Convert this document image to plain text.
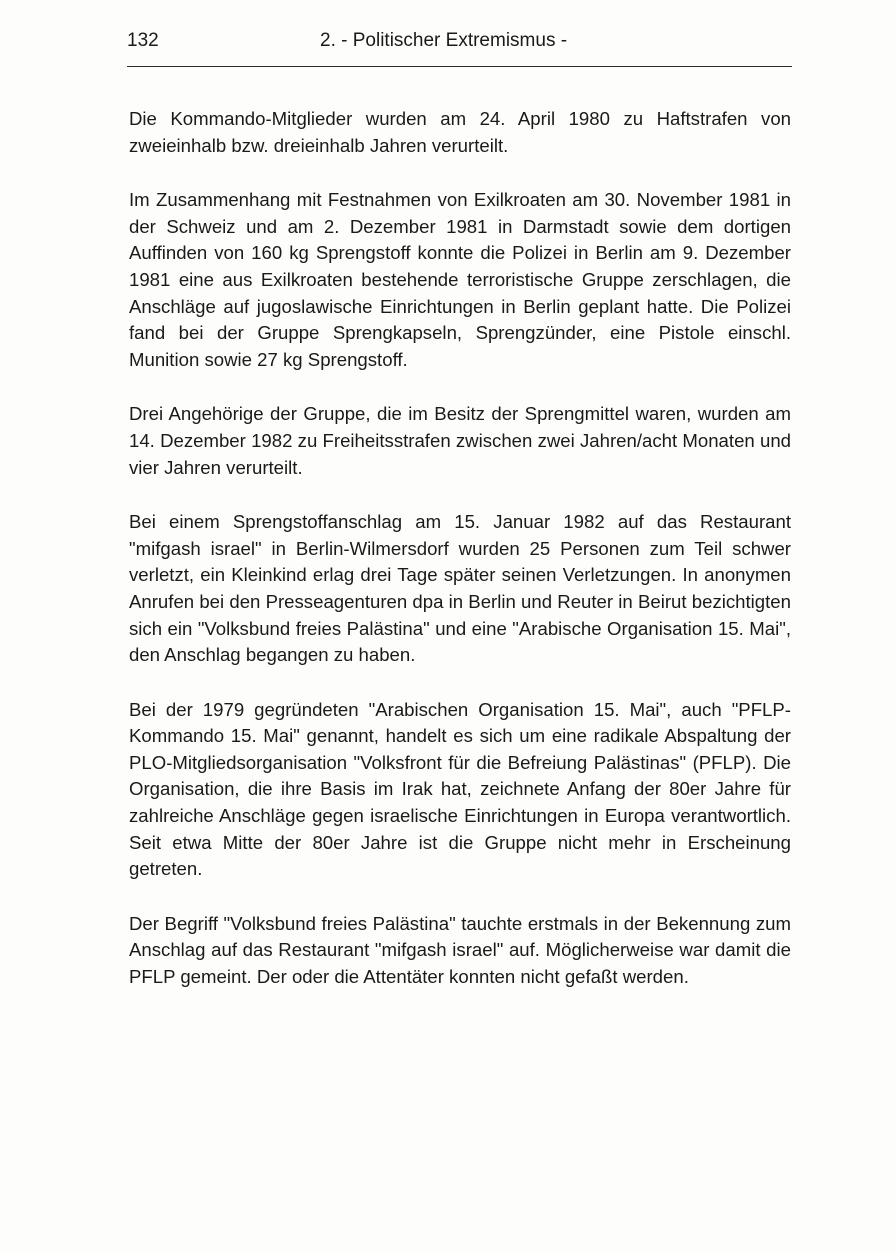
132	2. - Politischer Extremismus -

Die Kommando-Mitglieder wurden am 24. April 1980 zu Haftstrafen von zweieinhalb bzw. dreieinhalb Jahren verurteilt.

Im Zusammenhang mit Festnahmen von Exilkroaten am 30. November 1981 in der Schweiz und am 2. Dezember 1981 in Darmstadt sowie dem dortigen Auffinden von 160 kg Sprengstoff konnte die Polizei in Berlin am 9. Dezember 1981 eine aus Exilkroaten bestehende terroristische Gruppe zerschlagen, die Anschläge auf jugoslawische Einrichtungen in Berlin geplant hatte. Die Polizei fand bei der Gruppe Sprengkapseln, Sprengzünder, eine Pistole einschl. Munition sowie 27 kg Sprengstoff.

Drei Angehörige der Gruppe, die im Besitz der Sprengmittel waren, wurden am 14. Dezember 1982 zu Freiheitsstrafen zwischen zwei Jahren/acht Monaten und vier Jahren verurteilt.

Bei einem Sprengstoffanschlag am 15. Januar 1982 auf das Restaurant "mifgash israel" in Berlin-Wilmersdorf wurden 25 Personen zum Teil schwer verletzt, ein Kleinkind erlag drei Tage später seinen Verletzungen. In anonymen Anrufen bei den Presseagenturen dpa in Berlin und Reuter in Beirut bezichtigten sich ein "Volksbund freies Palästina" und eine "Arabische Organisation 15. Mai", den Anschlag begangen zu haben.

Bei der 1979 gegründeten "Arabischen Organisation 15. Mai", auch "PFLP-Kommando 15. Mai" genannt, handelt es sich um eine radikale Abspaltung der PLO-Mitgliedsorganisation "Volksfront für die Befreiung Palästinas" (PFLP). Die Organisation, die ihre Basis im Irak hat, zeichnete Anfang der 80er Jahre für zahlreiche Anschläge gegen israelische Einrichtungen in Europa verantwortlich. Seit etwa Mitte der 80er Jahre ist die Gruppe nicht mehr in Erscheinung getreten.

Der Begriff "Volksbund freies Palästina" tauchte erstmals in der Bekennung zum Anschlag auf das Restaurant "mifgash israel" auf. Möglicherweise war damit die PFLP gemeint. Der oder die Attentäter konnten nicht gefaßt werden.
